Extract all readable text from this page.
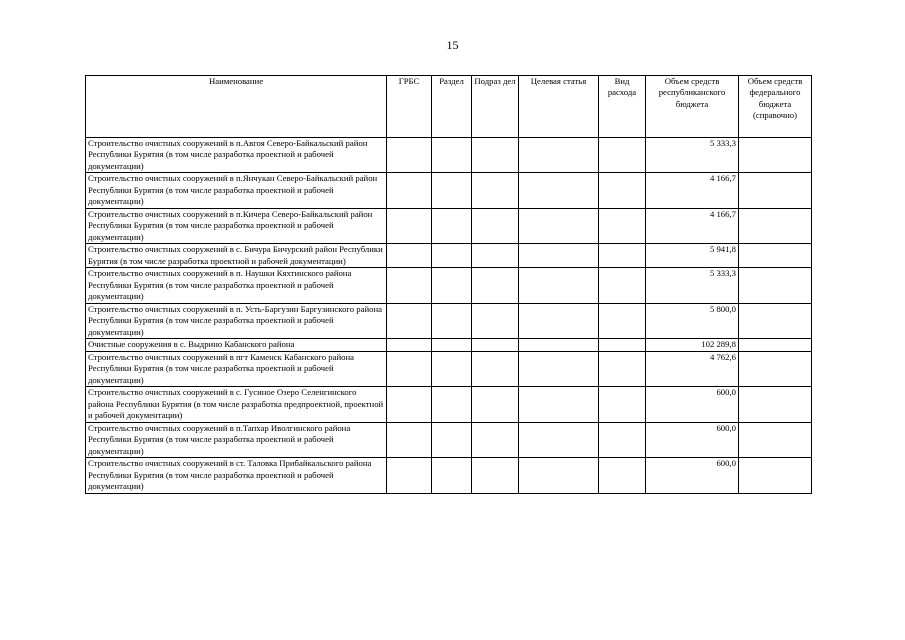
15
Наименование	ГРБС	Раздел	Подраз дел	Целевая статья	Вид расхода	Объем средств республиканского бюджета	Объем средств федерального бюджета (справочно)
Строительство очистных сооружений в п.Авгоя Северо-Байкальский район Республики Бурятия (в том числе разработка проектной и рабочей документации)						5 333,3	
Строительство очистных сооружений в п.Янчукан Северо-Байкальский район Республики Бурятия (в том числе разработка проектной и рабочей документации)						4 166,7	
Строительство очистных сооружений в п.Кичера Северо-Байкальский район Республики Бурятия (в том числе разработка проектной и рабочей документации)						4 166,7	
Строительство очистных сооружений в с. Бичура Бичурский район Республики Бурятия (в том числе разработка проектной и рабочей документации)						5 941,8	
Строительство очистных сооружений в п. Наушки Кяхтинского района Республики Бурятия (в том числе разработка проектной и рабочей документации)						5 333,3	
Строительство очистных сооружений в п. Усть-Баргузин Баргузинского района Республики Бурятия (в том числе разработка проектной и рабочей документации)						5 800,0	
Очистные сооружения в с. Выдрино Кабанского района						102 289,8	
Строительство очистных сооружений в пгт Каменск Кабанского района Республики Бурятия (в том числе разработка проектной и рабочей документации)						4 762,6	
Строительство очистных сооружений в с. Гусиное Озеро Селенгинского района Республики Бурятия (в том числе разработка предпроектной, проектной и рабочей документации)						600,0	
Строительство очистных сооружений в п.Тапхар Иволгинского района Республики Бурятия (в том числе разработка проектной и рабочей документации)						600,0	
Строительство очистных сооружений в ст. Таловка Прибайкальского района Республики Бурятия (в том числе разработка проектной и рабочей документации)						600,0	
